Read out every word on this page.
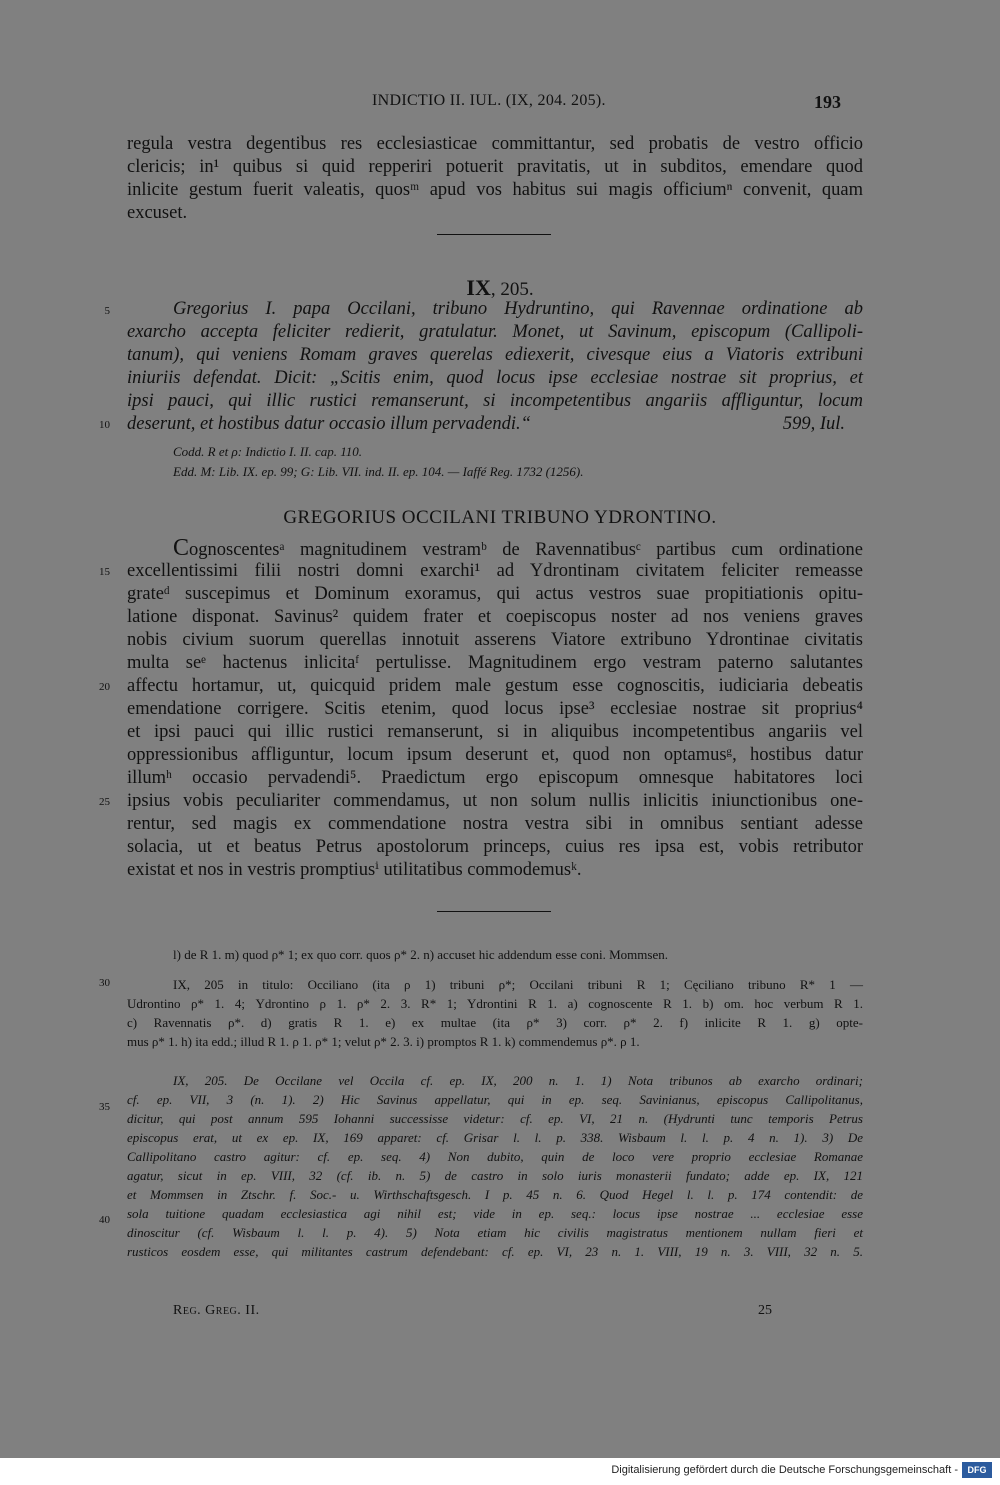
INDICTIO II. IUL. (IX, 204. 205).	193
regula vestra degentibus res ecclesiasticae committantur, sed probatis de vestro officio
clericis; in¹ quibus si quid repperiri potuerit pravitatis, ut in subditos, emendare quod
inlicite gestum fuerit valeatis, quosᵐ apud vos habitus sui magis officiumⁿ convenit, quam
excuset.
IX, 205.
5
10
15
20
25
30
35
40
Gregorius I. papa Occilani, tribuno Hydruntino, qui Ravennae ordinatione ab
exarcho accepta feliciter redierit, gratulatur. Monet, ut Savinum, episcopum (Callipoli-
tanum), qui veniens Romam graves querelas ediexerit, civesque eius a Viatoris extribuni
iniuriis defendat. Dicit: „Scitis enim, quod locus ipse ecclesiae nostrae sit proprius, et
ipsi pauci, qui illic rustici remanserunt, si incompetentibus angariis affliguntur, locum
deserunt, et hostibus datur occasio illum pervadendi.“	599, Iul.
Codd. R et ρ: Indictio I. II. cap. 110.
Edd. M: Lib. IX. ep. 99; G: Lib. VII. ind. II. ep. 104. — Iaffé Reg. 1732 (1256).
GREGORIUS OCCILANI TRIBUNO YDRONTINO.
Cognoscentesᵃ magnitudinem vestramᵇ de Ravennatibusᶜ partibus cum ordinatione
excellentissimi filii nostri domni exarchi¹ ad Ydrontinam civitatem feliciter remeasse
grateᵈ suscepimus et Dominum exoramus, qui actus vestros suae propitiationis opitu-
latione disponat. Savinus² quidem frater et coepiscopus noster ad nos veniens graves
nobis civium suorum querellas innotuit asserens Viatore extribuno Ydrontinae civitatis
multa seᵉ hactenus inlicitaᶠ pertulisse. Magnitudinem ergo vestram paterno salutantes
affectu hortamur, ut, quicquid pridem male gestum esse cognoscitis, iudiciaria debeatis
emendatione corrigere. Scitis etenim, quod locus ipse³ ecclesiae nostrae sit proprius⁴
et ipsi pauci qui illic rustici remanserunt, si in aliquibus incompetentibus angariis vel
oppressionibus affliguntur, locum ipsum deserunt et, quod non optamusᵍ, hostibus datur
illumʰ occasio pervadendi⁵. Praedictum ergo episcopum omnesque habitatores loci
ipsius vobis peculiariter commendamus, ut non solum nullis inlicitis iniunctionibus one-
rentur, sed magis ex commendatione nostra vestra sibi in omnibus sentiant adesse
solacia, ut et beatus Petrus apostolorum princeps, cuius res ipsa est, vobis retributor
existat et nos in vestris promptiusⁱ utilitatibus commodemusᵏ.
l) de R 1. m) quod ρ* 1; ex quo corr. quos ρ* 2. n) accuset hic addendum esse coni. Mommsen.
IX, 205 in titulo: Occiliano (ita ρ 1) tribuni ρ*; Occilani tribuni R 1; Cęciliano tribuno R* 1 —
Udrontino ρ* 1. 4; Ydrontino ρ 1. ρ* 2. 3. R* 1; Ydrontini R 1. a) cognoscente R 1. b) om. hoc verbum R 1.
c) Ravennatis ρ*. d) gratis R 1. e) ex multae (ita ρ* 3) corr. ρ* 2. f) inlicite R 1. g) opte-
mus ρ* 1. h) ita edd.; illud R 1. ρ 1. ρ* 1; velut ρ* 2. 3. i) promptos R 1. k) commendemus ρ*. ρ 1.
IX, 205. De Occilane vel Occila cf. ep. IX, 200 n. 1. 1) Nota tribunos ab exarcho ordinari;
cf. ep. VII, 3 (n. 1). 2) Hic Savinus appellatur, qui in ep. seq. Savinianus, episcopus Callipolitanus,
dicitur, qui post annum 595 Iohanni successisse videtur: cf. ep. VI, 21 n. (Hydrunti tunc temporis Petrus
episcopus erat, ut ex ep. IX, 169 apparet: cf. Grisar l. l. p. 338. Wisbaum l. l. p. 4 n. 1). 3) De
Callipolitano castro agitur: cf. ep. seq. 4) Non dubito, quin de loco vere proprio ecclesiae Romanae
agatur, sicut in ep. VIII, 32 (cf. ib. n. 5) de castro in solo iuris monasterii fundato; adde ep. IX, 121
et Mommsen in Ztschr. f. Soc.- u. Wirthschaftsgesch. I p. 45 n. 6. Quod Hegel l. l. p. 174 contendit: de
sola tuitione quadam ecclesiastica agi nihil est; vide in ep. seq.: locus ipse nostrae ... ecclesiae esse
dinoscitur (cf. Wisbaum l. l. p. 4). 5) Nota etiam hic civilis magistratus mentionem nullam fieri et
rusticos eosdem esse, qui militantes castrum defendebant: cf. ep. VI, 23 n. 1. VIII, 19 n. 3. VIII, 32 n. 5.
Reg. Greg. II.	25
Digitalisierung gefördert durch die Deutsche Forschungsgemeinschaft -	DFG
